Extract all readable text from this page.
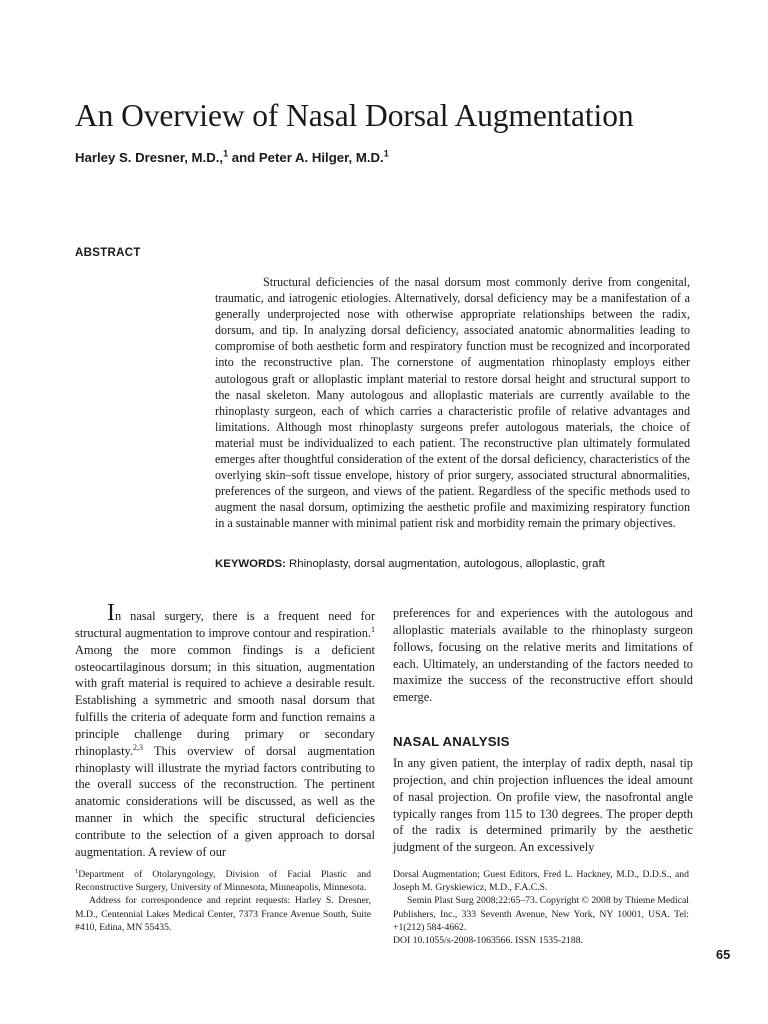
An Overview of Nasal Dorsal Augmentation
Harley S. Dresner, M.D.,$^1$ and Peter A. Hilger, M.D.$^1$
ABSTRACT

Structural deficiencies of the nasal dorsum most commonly derive from congenital, traumatic, and iatrogenic etiologies. Alternatively, dorsal deficiency may be a manifestation of a generally underprojected nose with otherwise appropriate relationships between the radix, dorsum, and tip. In analyzing dorsal deficiency, associated anatomic abnormalities leading to compromise of both aesthetic form and respiratory function must be recognized and incorporated into the reconstructive plan. The cornerstone of augmentation rhinoplasty employs either autologous graft or alloplastic implant material to restore dorsal height and structural support to the nasal skeleton. Many autologous and alloplastic materials are currently available to the rhinoplasty surgeon, each of which carries a characteristic profile of relative advantages and limitations. Although most rhinoplasty surgeons prefer autologous materials, the choice of material must be individualized to each patient. The reconstructive plan ultimately formulated emerges after thoughtful consideration of the extent of the dorsal deficiency, characteristics of the overlying skin–soft tissue envelope, history of prior surgery, associated structural abnormalities, preferences of the surgeon, and views of the patient. Regardless of the specific methods used to augment the nasal dorsum, optimizing the aesthetic profile and maximizing respiratory function in a sustainable manner with minimal patient risk and morbidity remain the primary objectives.

KEYWORDS: Rhinoplasty, dorsal augmentation, autologous, alloplastic, graft

In nasal surgery, there is a frequent need for structural augmentation to improve contour and respiration.$^1$ Among the more common findings is a deficient osteocartilaginous dorsum; in this situation, augmentation with graft material is required to achieve a desirable result. Establishing a symmetric and smooth nasal dorsum that fulfills the criteria of adequate form and function remains a principle challenge during primary or secondary rhinoplasty.$^{2,3}$ This overview of dorsal augmentation rhinoplasty will illustrate the myriad factors contributing to the overall success of the reconstruction. The pertinent anatomic considerations will be discussed, as well as the manner in which the specific structural deficiencies contribute to the selection of a given approach to dorsal augmentation. A review of our

preferences for and experiences with the autologous and alloplastic materials available to the rhinoplasty surgeon follows, focusing on the relative merits and limitations of each. Ultimately, an understanding of the factors needed to maximize the success of the reconstructive effort should emerge.

NASAL ANALYSIS

In any given patient, the interplay of radix depth, nasal tip projection, and chin projection influences the ideal amount of nasal projection. On profile view, the nasofrontal angle typically ranges from 115 to 130 degrees. The proper depth of the radix is determined primarily by the aesthetic judgment of the surgeon. An excessively

$^1$Department of Otolaryngology, Division of Facial Plastic and Reconstructive Surgery, University of Minnesota, Minneapolis, Minnesota.
Address for correspondence and reprint requests: Harley S. Dresner, M.D., Centennial Lakes Medical Center, 7373 France Avenue South, Suite #410, Edina, MN 55435.

Dorsal Augmentation; Guest Editors, Fred L. Hackney, M.D., D.D.S., and Joseph M. Gryskiewicz, M.D., F.A.C.S.
Semin Plast Surg 2008;22:65–73. Copyright © 2008 by Thieme Medical Publishers, Inc., 333 Seventh Avenue, New York, NY 10001, USA. Tel: +1(212) 584-4662.
DOI 10.1055/s-2008-1063566. ISSN 1535-2188.

65
